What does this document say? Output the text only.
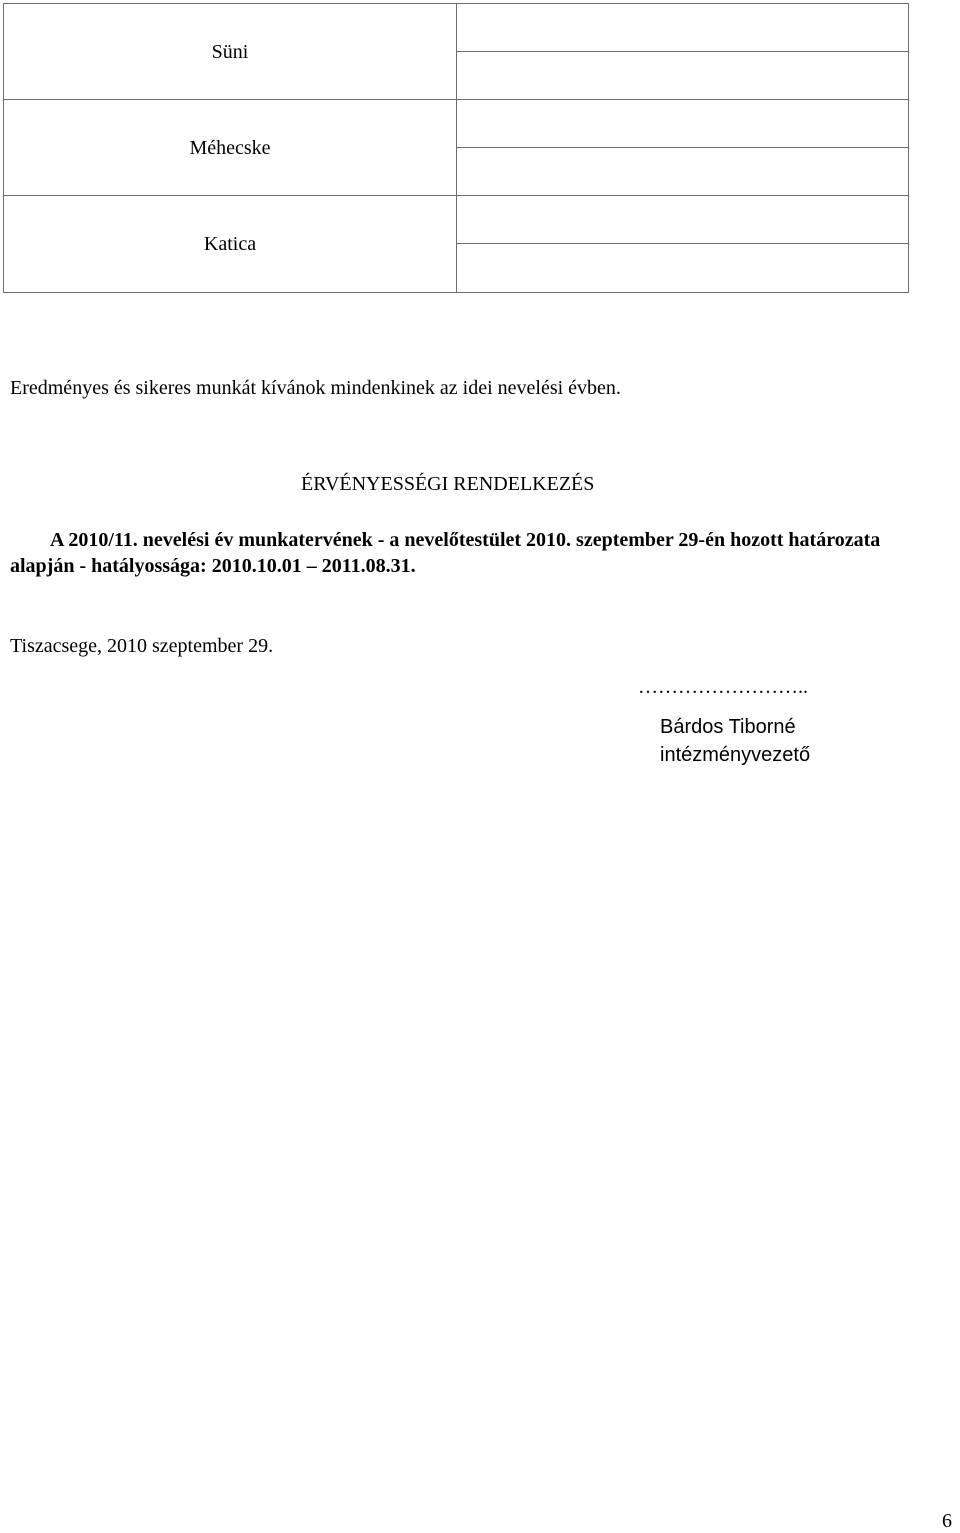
Süni
Méhecske
Katica
Eredményes és sikeres munkát kívánok mindenkinek az idei nevelési évben.
ÉRVÉNYESSÉGI RENDELKEZÉS
A 2010/11. nevelési év munkatervének - a nevelőtestület 2010. szeptember 29-én hozott határozata alapján - hatályossága: 2010.10.01 – 2011.08.31.
Tiszacsege, 2010 szeptember 29.
……………………..
Bárdos Tiborné
intézményvezető
6
